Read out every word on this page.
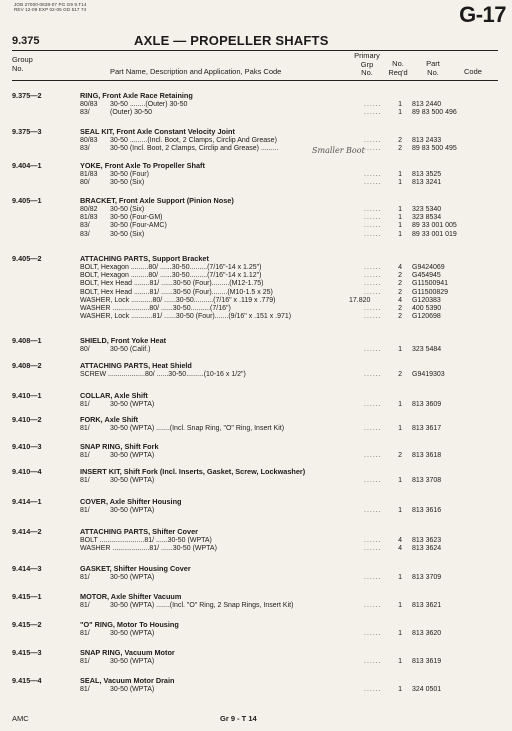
JOB 27000-0838-07 PG G9 9.T14
REV 12-09 EXP 02-05 GD 517 74	G-17
9.375	AXLE — PROPELLER SHAFTS
Group
No.	Part Name, Description and Application, Paks Code
Primary
Grp
No.
No.
Req'd
Part
No.	Code
9.375—2	RING, Front Axle Race Retaining
80/83 30-50 ........(Outer) 30-50	1 813 2440
......
83/	(Outer) 30-50	1 89 83 500 496
......
9.375—3	SEAL KIT, Front Axle Constant Velocity Joint
80/83 30-50 .........(Incl. Boot, 2 Clamps, Circlip And Grease)	2 813 2433
......
83/	30-50 (Incl. Boot, 2 Clamps, Circlip and Grease) .........	2 89 83 500 495
......
9.404—1	YOKE, Front Axle To Propeller Shaft
81/83 30-50 (Four)	1 813 3525
......
80/	30-50 (Six)	1 813 3241
......
9.405—1	BRACKET, Front Axle Support (Pinion Nose)
80/82 30-50 (Six)	1 323 5340
......
81/83 30-50 (Four-GM)	1 323 8534
......
83/	30-50 (Four-AMC)	1 89 33 001 005
......
83/	30-50 (Six)	1 89 33 001 019
......
9.405—2	ATTACHING PARTS, Support Bracket
BOLT, Hexagon .........80/ ......30-50.........(7/16"-14 x 1.25")	4 G9424069
......
BOLT, Hexagon .........80/ ......30-50.........(7/16"-14 x 1.12")	2 G454945
......
BOLT, Hex Head ........81/ ......30-50 (Four).........(M12-1.75)	2 G11500941
......
BOLT, Hex Head ........81/ ......30-50 (Four)........(M10-1.5 x 25)	2 G11500829
......
WASHER, Lock ...........80/ ......30-50..........(7/16" x .119 x .779)	17.820	4 G120383
WASHER ...................80/ ......30-50..........(7/16")	2 400 5390
......
WASHER, Lock ...........81/ ......30-50 (Four).......(9/16" x .151 x .971)	2 G120698
......
9.408—1	SHIELD, Front Yoke Heat
80/	30-50 (Calif.)	1 323 5484
......
9.408—2	ATTACHING PARTS, Heat Shield
SCREW ...................80/ ......30-50.........(10-16 x 1/2")	2 G9419303
......
9.410—1	COLLAR, Axle Shift
81/	30-50 (WPTA)	1 813 3609
......
9.410—2	FORK, Axle Shift
81/	30-50 (WPTA) .......(Incl. Snap Ring, "O" Ring, Insert Kit)	1 813 3617
......
9.410—3	SNAP RING, Shift Fork
81/	30-50 (WPTA)	2 813 3618
......
9.410—4	INSERT KIT, Shift Fork (Incl. Inserts, Gasket, Screw, Lockwasher)
81/	30-50 (WPTA)	1 813 3708
......
9.414—1	COVER, Axle Shifter Housing
81/	30-50 (WPTA)	1 813 3616
......
9.414—2	ATTACHING PARTS, Shifter Cover
BOLT .......................81/ ......30-50 (WPTA)	4 813 3623
......
WASHER ...................81/ ......30-50 (WPTA)	4 813 3624
......
9.414—3	GASKET, Shifter Housing Cover
81/	30-50 (WPTA)	1 813 3709
......
9.415—1	MOTOR, Axle Shifter Vacuum
81/	30-50 (WPTA) .......(Incl. "O" Ring, 2 Snap Rings, Insert Kit)	1 813 3621
......
9.415—2	"O" RING, Motor To Housing
81/	30-50 (WPTA)	1 813 3620
......
9.415—3	SNAP RING, Vacuum Motor
81/	30-50 (WPTA)	1 813 3619
......
9.415—4	SEAL, Vacuum Motor Drain
81/	30-50 (WPTA)	1 324 0501
......
Smaller Boot
AMC	Gr 9 - T 14
